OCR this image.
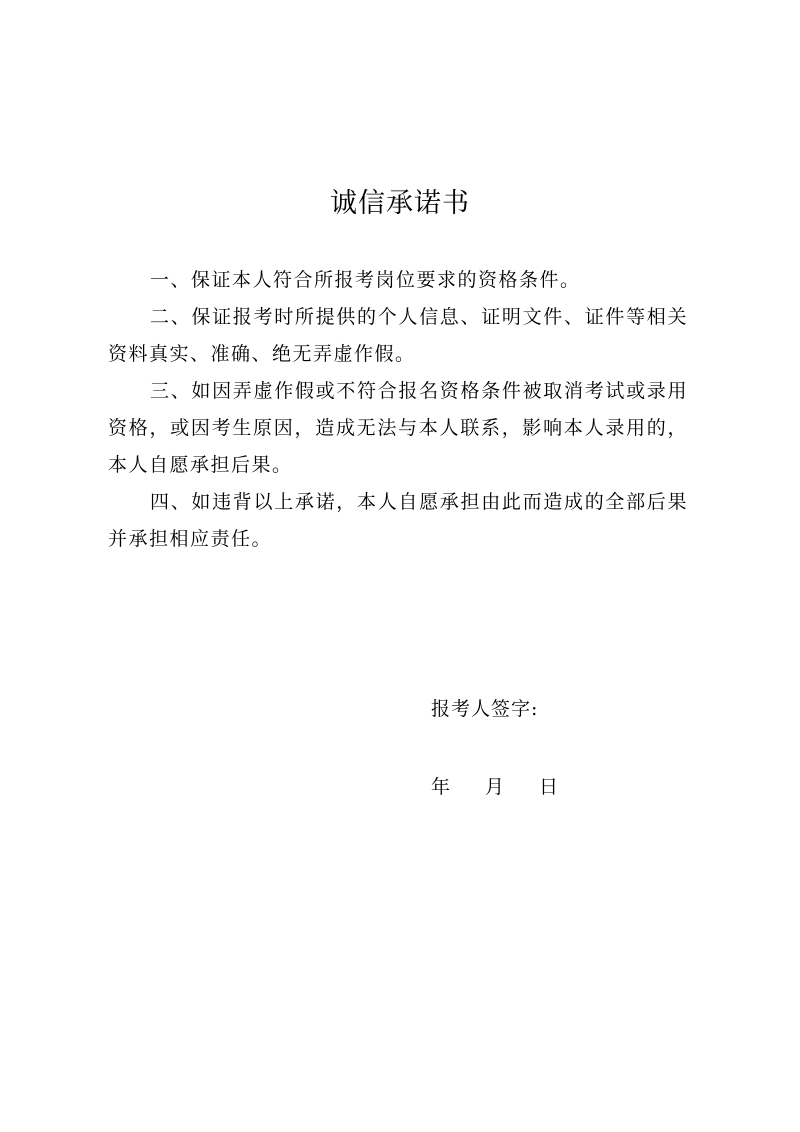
诚信承诺书

一、保证本人符合所报考岗位要求的资格条件。

二、保证报考时所提供的个人信息、证明文件、证件等相关资料真实、准确、绝无弄虚作假。

三、如因弄虚作假或不符合报名资格条件被取消考试或录用资格，或因考生原因，造成无法与本人联系，影响本人录用的，本人自愿承担后果。

四、如违背以上承诺，本人自愿承担由此而造成的全部后果并承担相应责任。

报考人签字:
年 月 日
